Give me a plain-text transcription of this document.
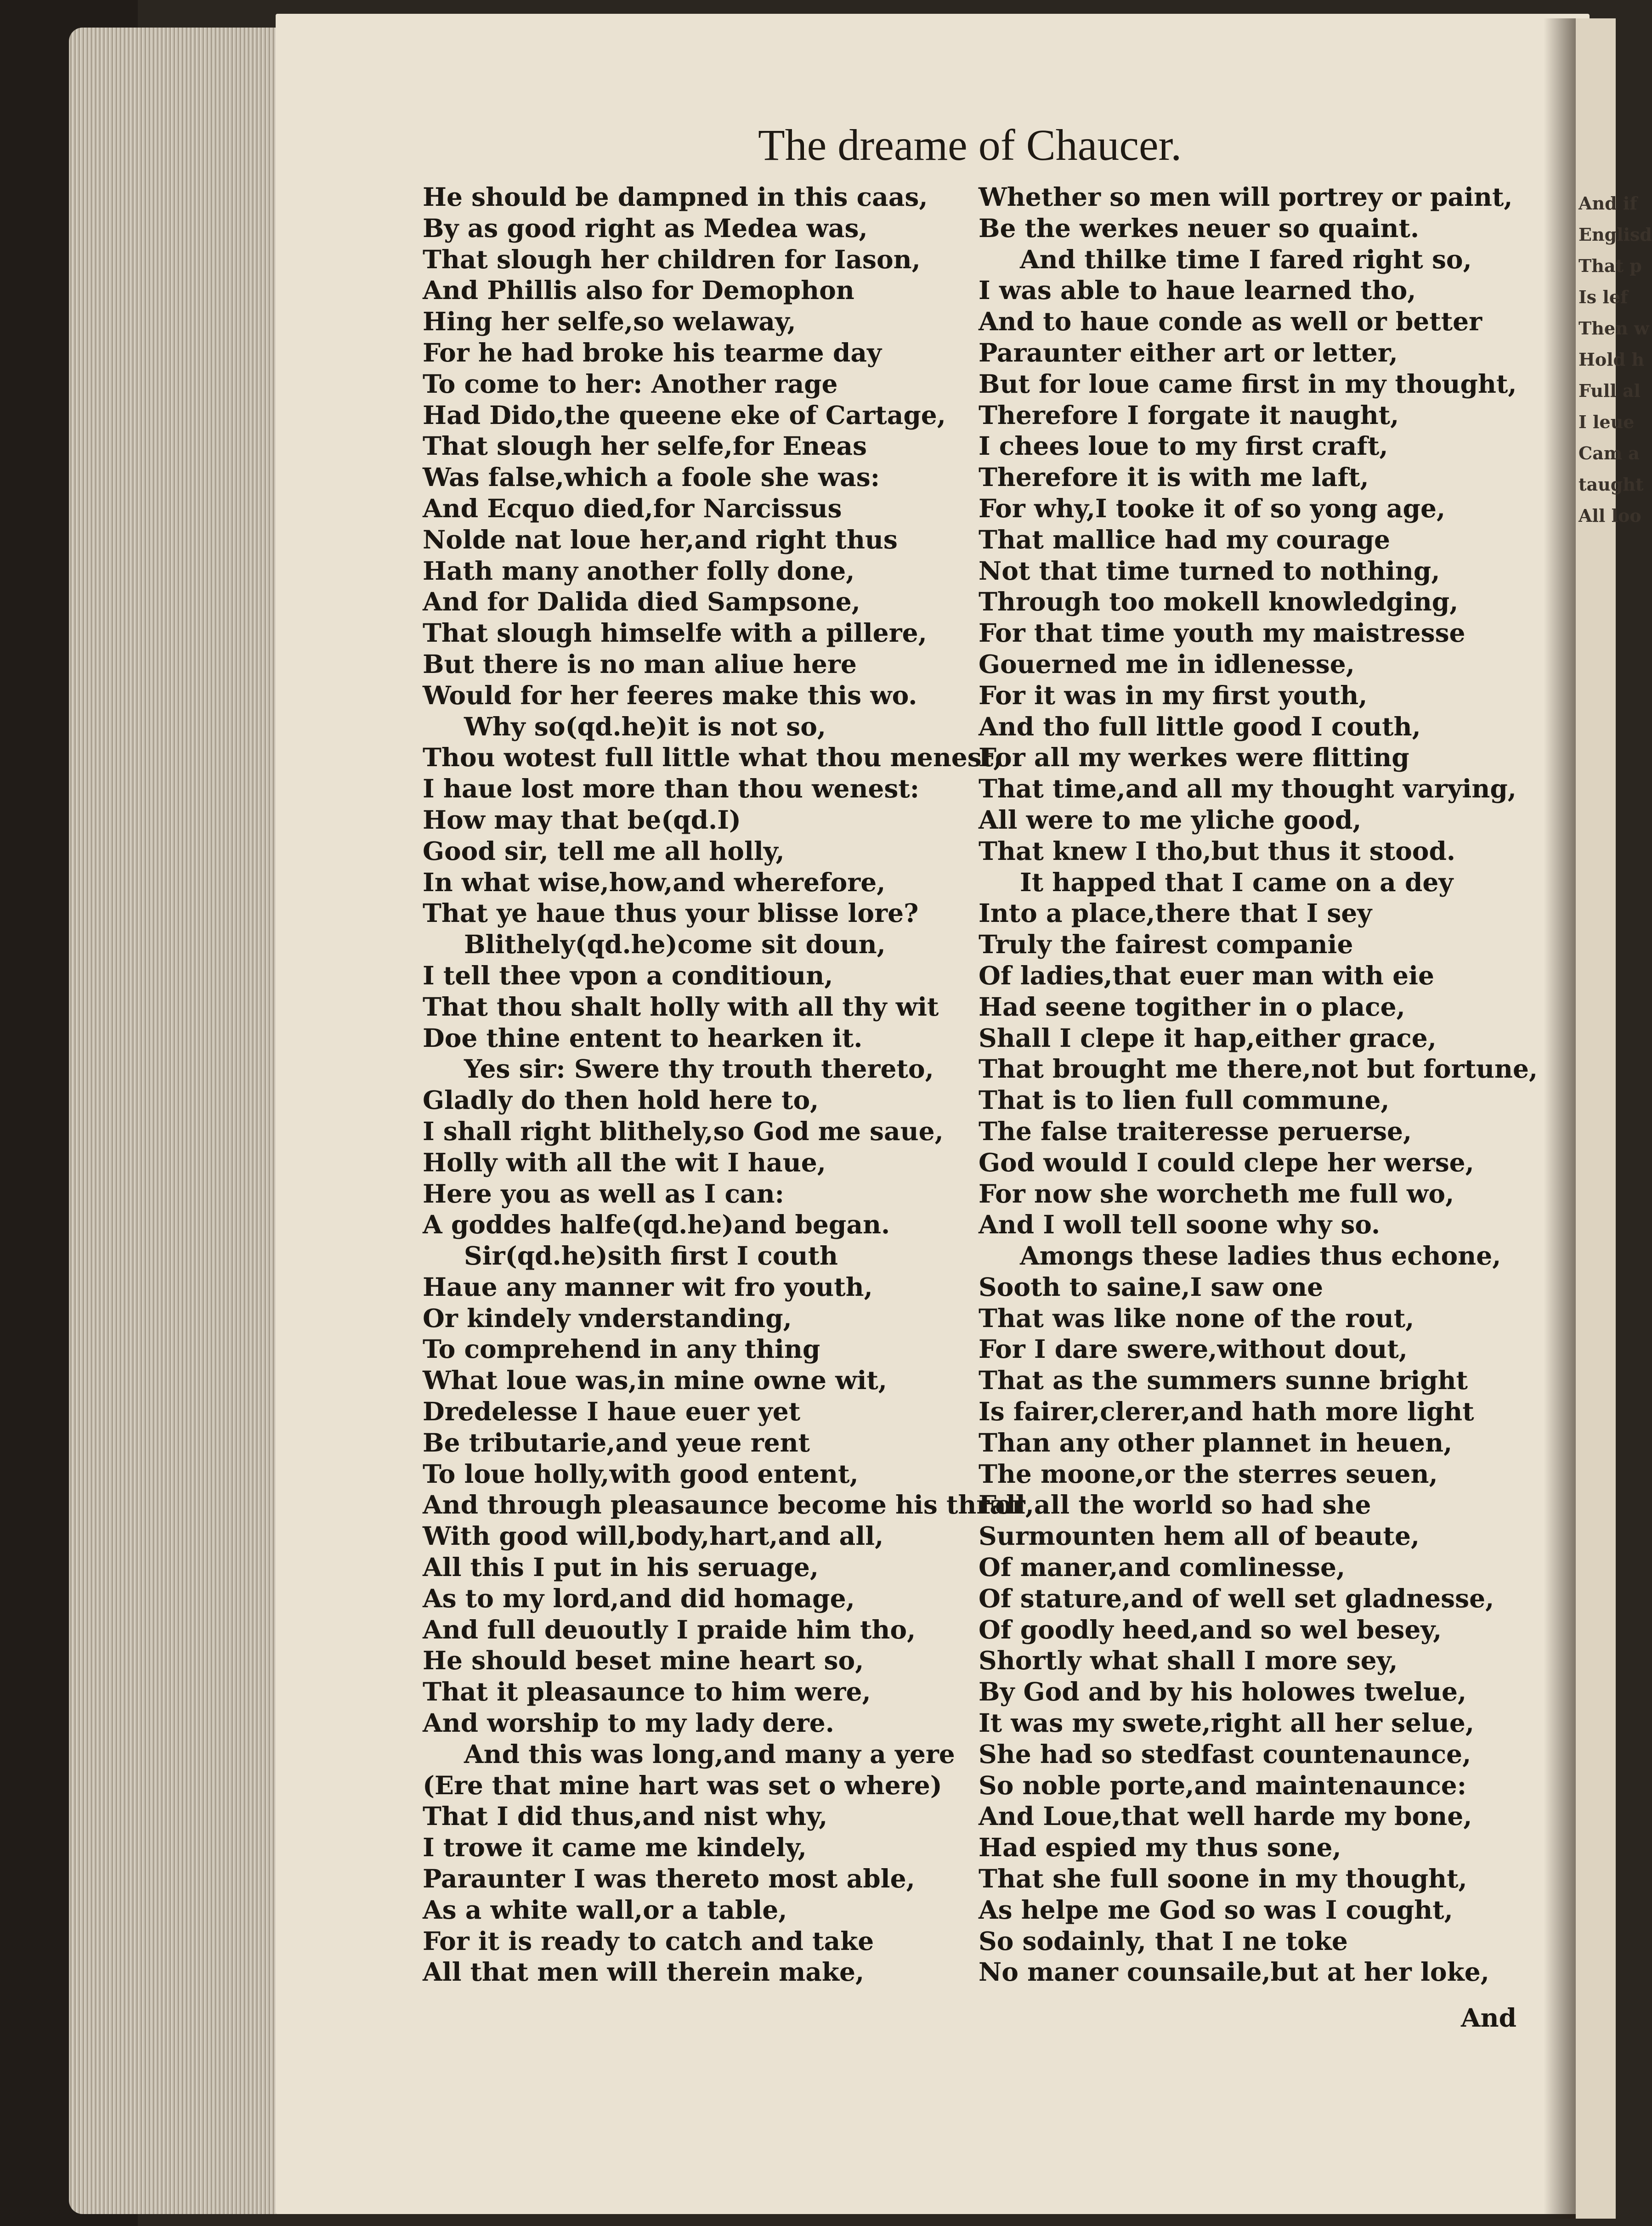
And if
Englisd
That p
Is lef
Then w
Hold h
Full al
I leue
Cam a
taught
All loo
The dreame of Chaucer.
He should be dampned in this caas,
By as good right as Medea was,
That slough her children for Iason,
And Phillis also for Demophon
Hing her selfe,so welaway,
For he had broke his tearme day
To come to her: Another rage
Had Dido,the queene eke of Cartage,
That slough her selfe,for Eneas
Was false,which a foole she was:
And Ecquo died,for Narcissus
Nolde nat loue her,and right thus
Hath many another folly done,
And for Dalida died Sampsone,
That slough himselfe with a pillere,
But there is no man aliue here
Would for her feeres make this wo.
Why so(qd.he)it is not so,
Thou wotest full little what thou menest,
I haue lost more than thou wenest:
How may that be(qd.I)
Good sir, tell me all holly,
In what wise,how,and wherefore,
That ye haue thus your blisse lore?
Blithely(qd.he)come sit doun,
I tell thee vpon a conditioun,
That thou shalt holly with all thy wit
Doe thine entent to hearken it.
Yes sir: Swere thy trouth thereto,
Gladly do then hold here to,
I shall right blithely,so God me saue,
Holly with all the wit I haue,
Here you as well as I can:
A goddes halfe(qd.he)and began.
Sir(qd.he)sith first I couth
Haue any manner wit fro youth,
Or kindely vnderstanding,
To comprehend in any thing
What loue was,in mine owne wit,
Dredelesse I haue euer yet
Be tributarie,and yeue rent
To loue holly,with good entent,
And through pleasaunce become his thrall,
With good will,body,hart,and all,
All this I put in his seruage,
As to my lord,and did homage,
And full deuoutly I praide him tho,
He should beset mine heart so,
That it pleasaunce to him were,
And worship to my lady dere.
And this was long,and many a yere
(Ere that mine hart was set o where)
That I did thus,and nist why,
I trowe it came me kindely,
Paraunter I was thereto most able,
As a white wall,or a table,
For it is ready to catch and take
All that men will therein make,
Whether so men will portrey or paint,
Be the werkes neuer so quaint.
And thilke time I fared right so,
I was able to haue learned tho,
And to haue conde as well or better
Paraunter either art or letter,
But for loue came first in my thought,
Therefore I forgate it naught,
I chees loue to my first craft,
Therefore it is with me laft,
For why,I tooke it of so yong age,
That mallice had my courage
Not that time turned to nothing,
Through too mokell knowledging,
For that time youth my maistresse
Gouerned me in idlenesse,
For it was in my first youth,
And tho full little good I couth,
For all my werkes were flitting
That time,and all my thought varying,
All were to me yliche good,
That knew I tho,but thus it stood.
It happed that I came on a dey
Into a place,there that I sey
Truly the fairest companie
Of ladies,that euer man with eie
Had seene togither in o place,
Shall I clepe it hap,either grace,
That brought me there,not but fortune,
That is to lien full commune,
The false traiteresse peruerse,
God would I could clepe her werse,
For now she worcheth me full wo,
And I woll tell soone why so.
Amongs these ladies thus echone,
Sooth to saine,I saw one
That was like none of the rout,
For I dare swere,without dout,
That as the summers sunne bright
Is fairer,clerer,and hath more light
Than any other plannet in heuen,
The moone,or the sterres seuen,
For all the world so had she
Surmounten hem all of beaute,
Of maner,and comlinesse,
Of stature,and of well set gladnesse,
Of goodly heed,and so wel besey,
Shortly what shall I more sey,
By God and by his holowes twelue,
It was my swete,right all her selue,
She had so stedfast countenaunce,
So noble porte,and maintenaunce:
And Loue,that well harde my bone,
Had espied my thus sone,
That she full soone in my thought,
As helpe me God so was I cought,
So sodainly, that I ne toke
No maner counsaile,but at her loke,
And
